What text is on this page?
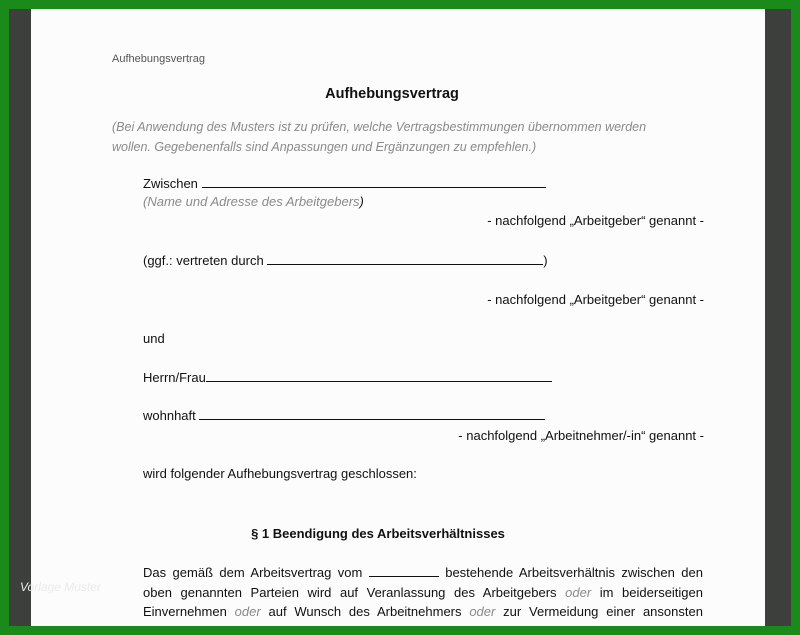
Aufhebungsvertrag
Aufhebungsvertrag
(Bei Anwendung des Musters ist zu prüfen, welche Vertragsbestimmungen übernommen werden
wollen. Gegebenenfalls sind Anpassungen und Ergänzungen zu empfehlen.)
Zwischen
(Name und Adresse des Arbeitgebers)
- nachfolgend „Arbeitgeber“ genannt -
(ggf.: vertreten durch	)
- nachfolgend „Arbeitgeber“ genannt -
und
Herrn/Frau
wohnhaft
- nachfolgend „Arbeitnehmer/-in“ genannt -
wird folgender Aufhebungsvertrag geschlossen:
§ 1 Beendigung des Arbeitsverhältnisses
Das gemäß dem Arbeitsvertrag vom	bestehende Arbeitsverhältnis zwischen den
oben genannten Parteien wird auf Veranlassung des Arbeitgebers oder im beiderseitigen
Einvernehmen oder auf Wunsch des Arbeitnehmers oder zur Vermeidung einer ansonsten
Vorlage Muster
